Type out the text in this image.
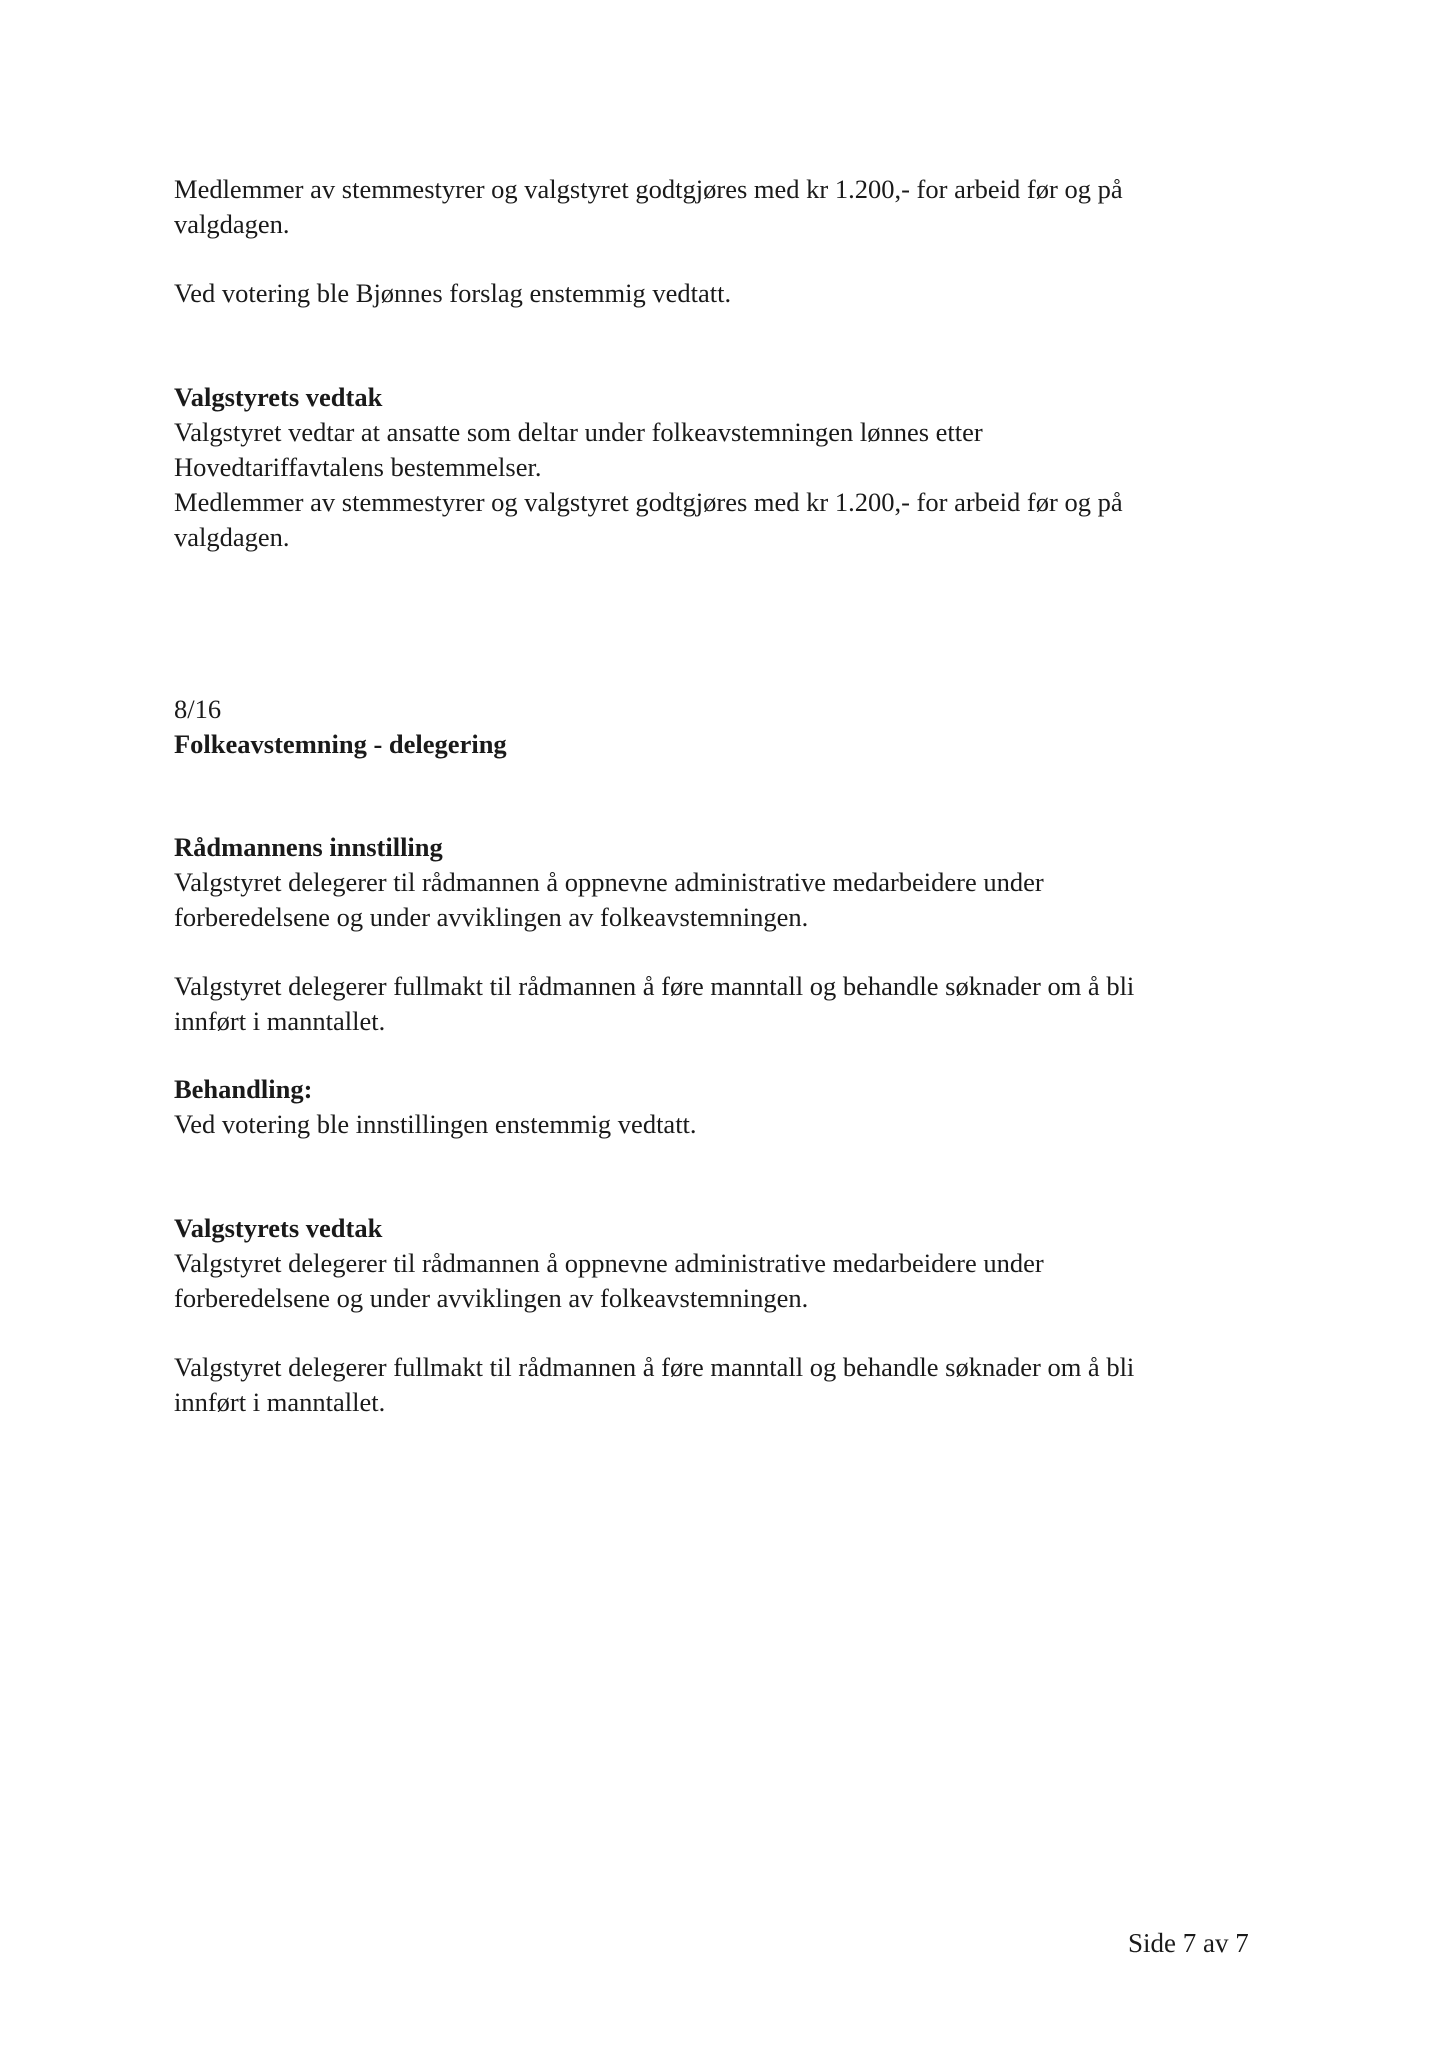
Medlemmer av stemmestyrer og valgstyret godtgjøres med kr 1.200,- for arbeid før og på

valgdagen.

Ved votering ble Bjønnes forslag enstemmig vedtatt.

Valgstyrets vedtak

Valgstyret vedtar at ansatte som deltar under folkeavstemningen lønnes etter

Hovedtariffavtalens bestemmelser.

Medlemmer av stemmestyrer og valgstyret godtgjøres med kr 1.200,- for arbeid før og på

valgdagen.

8/16

Folkeavstemning - delegering

Rådmannens innstilling

Valgstyret delegerer til rådmannen å oppnevne administrative medarbeidere under

forberedelsene og under avviklingen av folkeavstemningen.

Valgstyret delegerer fullmakt til rådmannen å føre manntall og behandle søknader om å bli

innført i manntallet.

Behandling:

Ved votering ble innstillingen enstemmig vedtatt.

Valgstyrets vedtak

Valgstyret delegerer til rådmannen å oppnevne administrative medarbeidere under

forberedelsene og under avviklingen av folkeavstemningen.

Valgstyret delegerer fullmakt til rådmannen å føre manntall og behandle søknader om å bli

innført i manntallet.

Side 7 av 7
